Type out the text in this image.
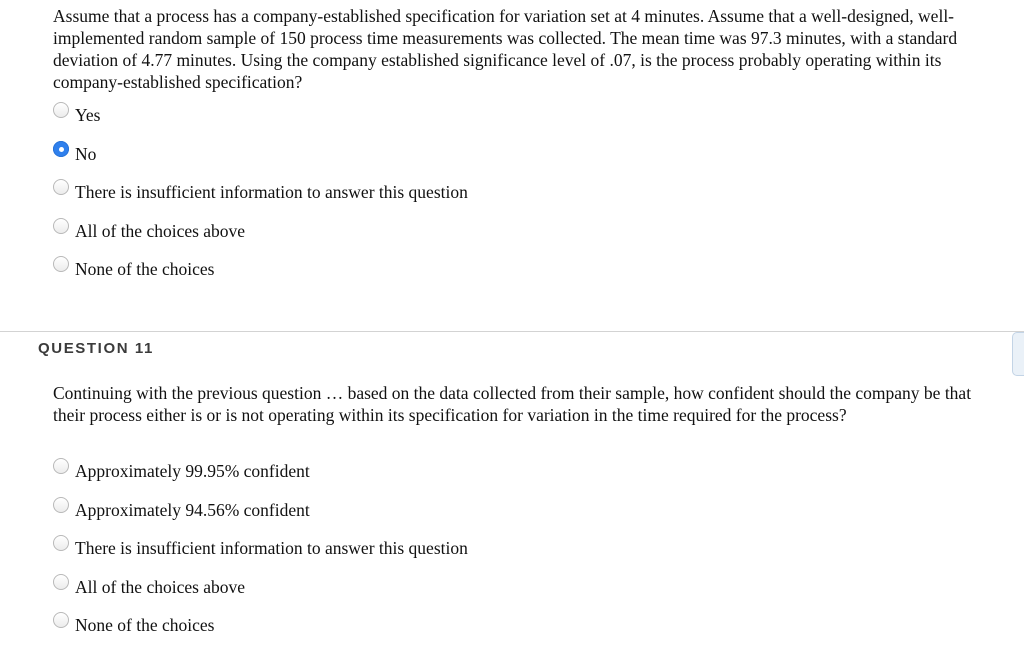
Assume that a process has a company-established specification for variation set at 4 minutes. Assume that a well-designed, well-implemented random sample of 150 process time measurements was collected. The mean time was 97.3 minutes, with a standard deviation of 4.77 minutes. Using the company established significance level of .07, is the process probably operating within its company-established specification?

Yes
No
There is insufficient information to answer this question
All of the choices above
None of the choices
QUESTION 11

Continuing with the previous question … based on the data collected from their sample, how confident should the company be that their process either is or is not operating within its specification for variation in the time required for the process?

Approximately 99.95% confident
Approximately 94.56% confident
There is insufficient information to answer this question
All of the choices above
None of the choices
